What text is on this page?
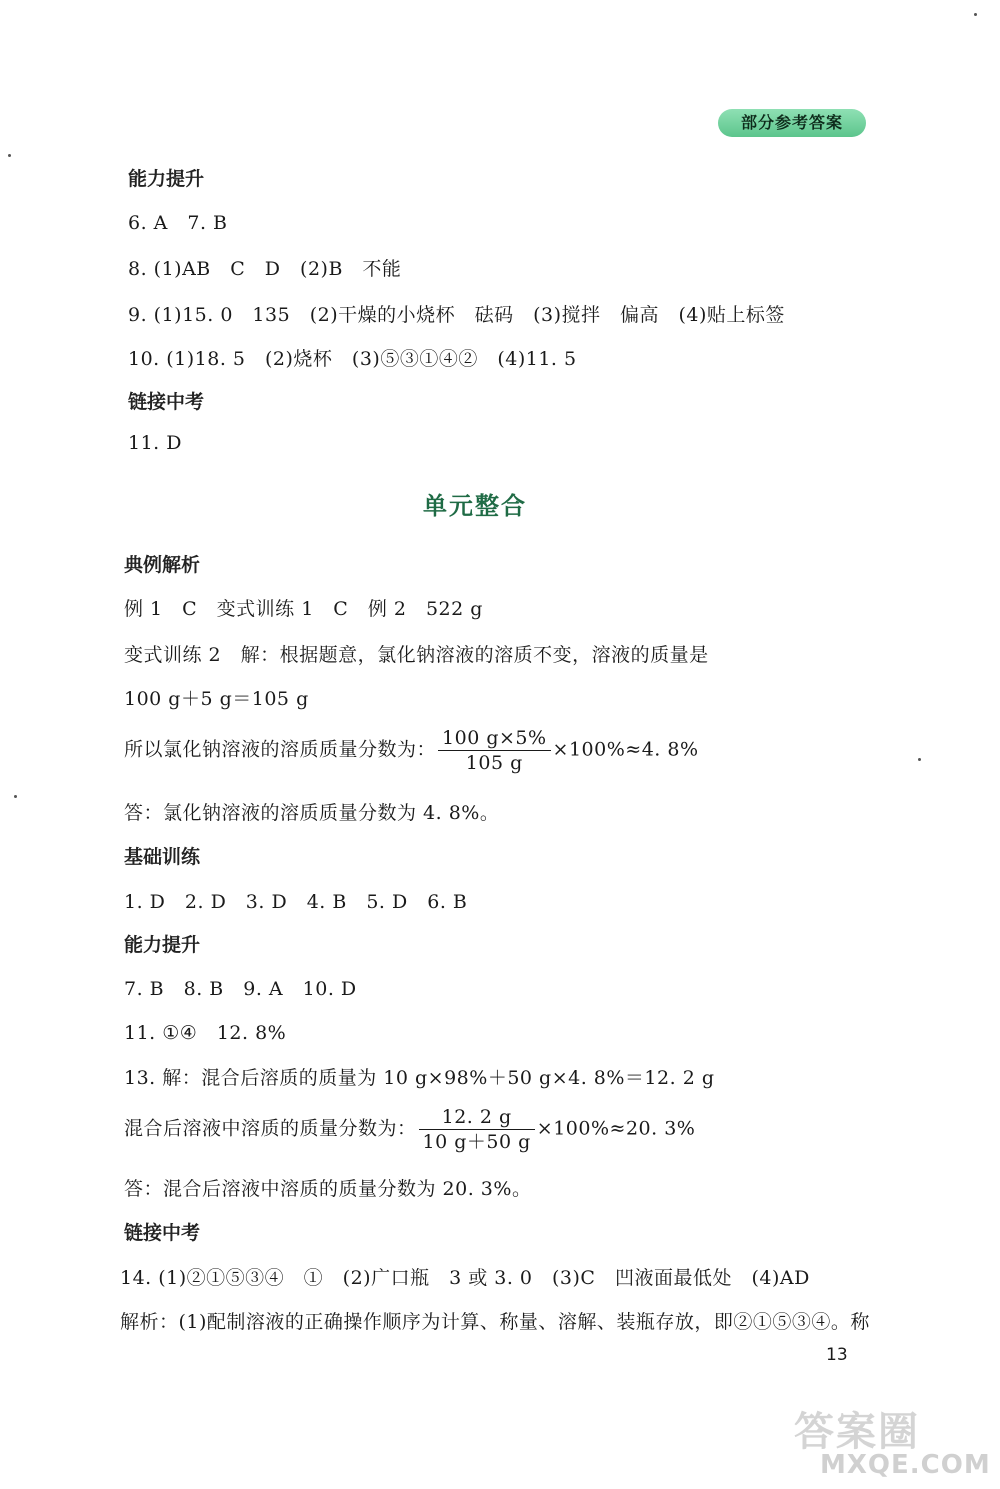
部分参考答案
能力提升
6. A　7. B
8. (1)AB　C　D　(2)B　不能
9. (1)15. 0　135　(2)干燥的小烧杯　砝码　(3)搅拌　偏高　(4)贴上标签
10. (1)18. 5　(2)烧杯　(3)⑤③①④②　(4)11. 5
链接中考
11. D
单元整合
典例解析
例 1　C　变式训练 1　C　例 2　522 g
变式训练 2　解：根据题意，氯化钠溶液的溶质不变，溶液的质量是
100 g＋5 g＝105 g
所以氯化钠溶液的溶质质量分数为： $\frac{100 g\times 5\%}{105 g} \times 100\%\approx 4$. 8%
答：氯化钠溶液的溶质质量分数为 4. 8%。
基础训练
1. D　2. D　3. D　4. B　5. D　6. B
能力提升
7. B　8. B　9. A　10. D
11. ①④　12. 8%
13. 解：混合后溶质的质量为 10 g×98%＋50 g×4. 8%＝12. 2 g
混合后溶液中溶质的质量分数为： $\frac{12. 2 g}{10 g+50 g} \times 100\%\approx 20$. 3%
答：混合后溶液中溶质的质量分数为 20. 3%。
链接中考
14. (1)②①⑤③④　①　(2)广口瓶　3 或 3. 0　(3)C　凹液面最低处　(4)AD
解析：(1)配制溶液的正确操作顺序为计算、称量、溶解、装瓶存放，即②①⑤③④。称
13
答案圈
MXQE.COM
